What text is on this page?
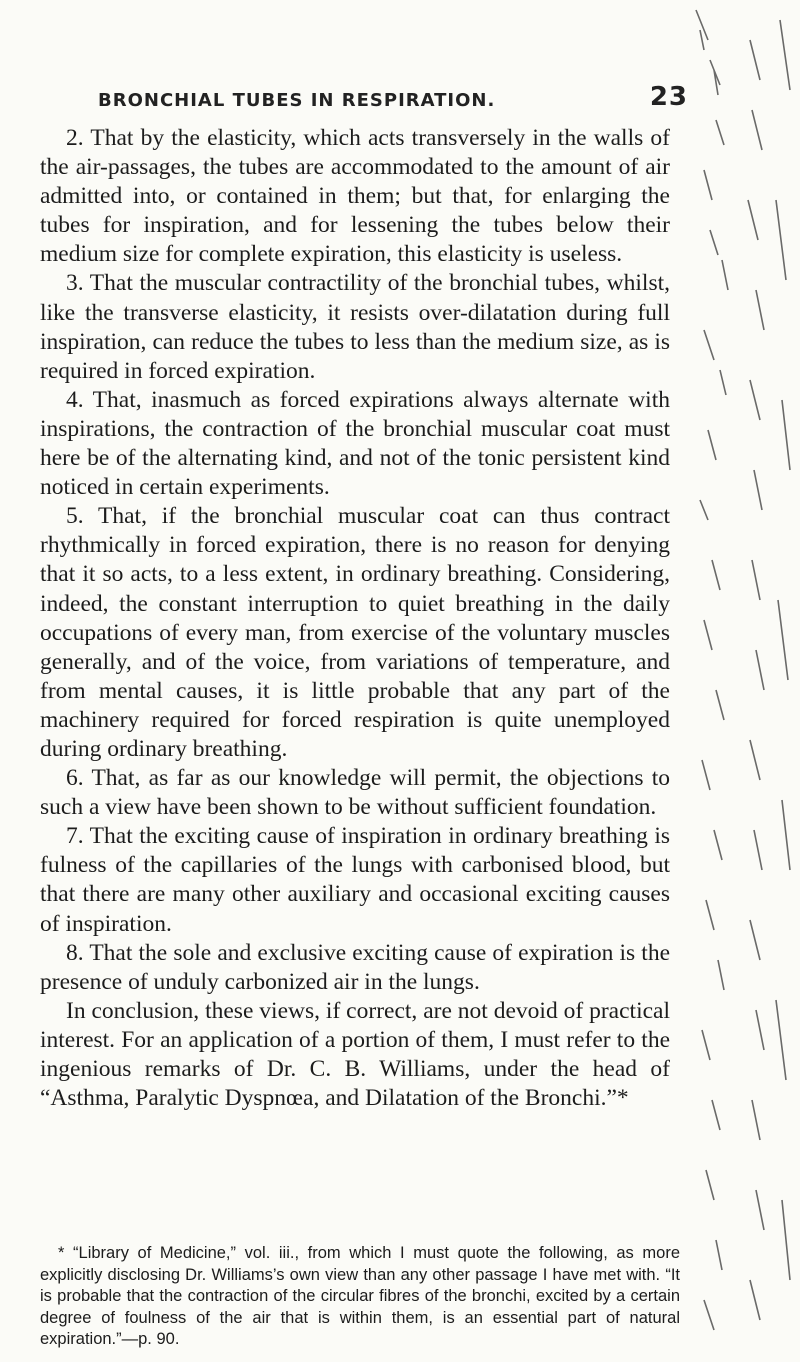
BRONCHIAL TUBES IN RESPIRATION.	23

2. That by the elasticity, which acts transversely in the walls of the air-passages, the tubes are accommodated to the amount of air admitted into, or contained in them; but that, for enlarging the tubes for inspiration, and for lessening the tubes below their medium size for complete expiration, this elasticity is useless.

3. That the muscular contractility of the bronchial tubes, whilst, like the transverse elasticity, it resists over-dilatation during full inspiration, can reduce the tubes to less than the medium size, as is required in forced expiration.

4. That, inasmuch as forced expirations always alternate with inspirations, the contraction of the bronchial muscular coat must here be of the alternating kind, and not of the tonic persistent kind noticed in certain experiments.

5. That, if the bronchial muscular coat can thus contract rhythmically in forced expiration, there is no reason for denying that it so acts, to a less extent, in ordinary breathing. Considering, indeed, the constant interruption to quiet breathing in the daily occupations of every man, from exercise of the voluntary muscles generally, and of the voice, from variations of temperature, and from mental causes, it is little probable that any part of the machinery required for forced respiration is quite unemployed during ordinary breathing.

6. That, as far as our knowledge will permit, the objections to such a view have been shown to be without sufficient foundation.

7. That the exciting cause of inspiration in ordinary breathing is fulness of the capillaries of the lungs with carbonised blood, but that there are many other auxiliary and occasional exciting causes of inspiration.

8. That the sole and exclusive exciting cause of expiration is the presence of unduly carbonized air in the lungs.

In conclusion, these views, if correct, are not devoid of practical interest. For an application of a portion of them, I must refer to the ingenious remarks of Dr. C. B. Williams, under the head of “Asthma, Paralytic Dyspnœa, and Dilatation of the Bronchi.”*

* “Library of Medicine,” vol. iii., from which I must quote the following, as more explicitly disclosing Dr. Williams’s own view than any other passage I have met with. “It is probable that the contraction of the circular fibres of the bronchi, excited by a certain degree of foulness of the air that is within them, is an essential part of natural expiration.”—p. 90.
